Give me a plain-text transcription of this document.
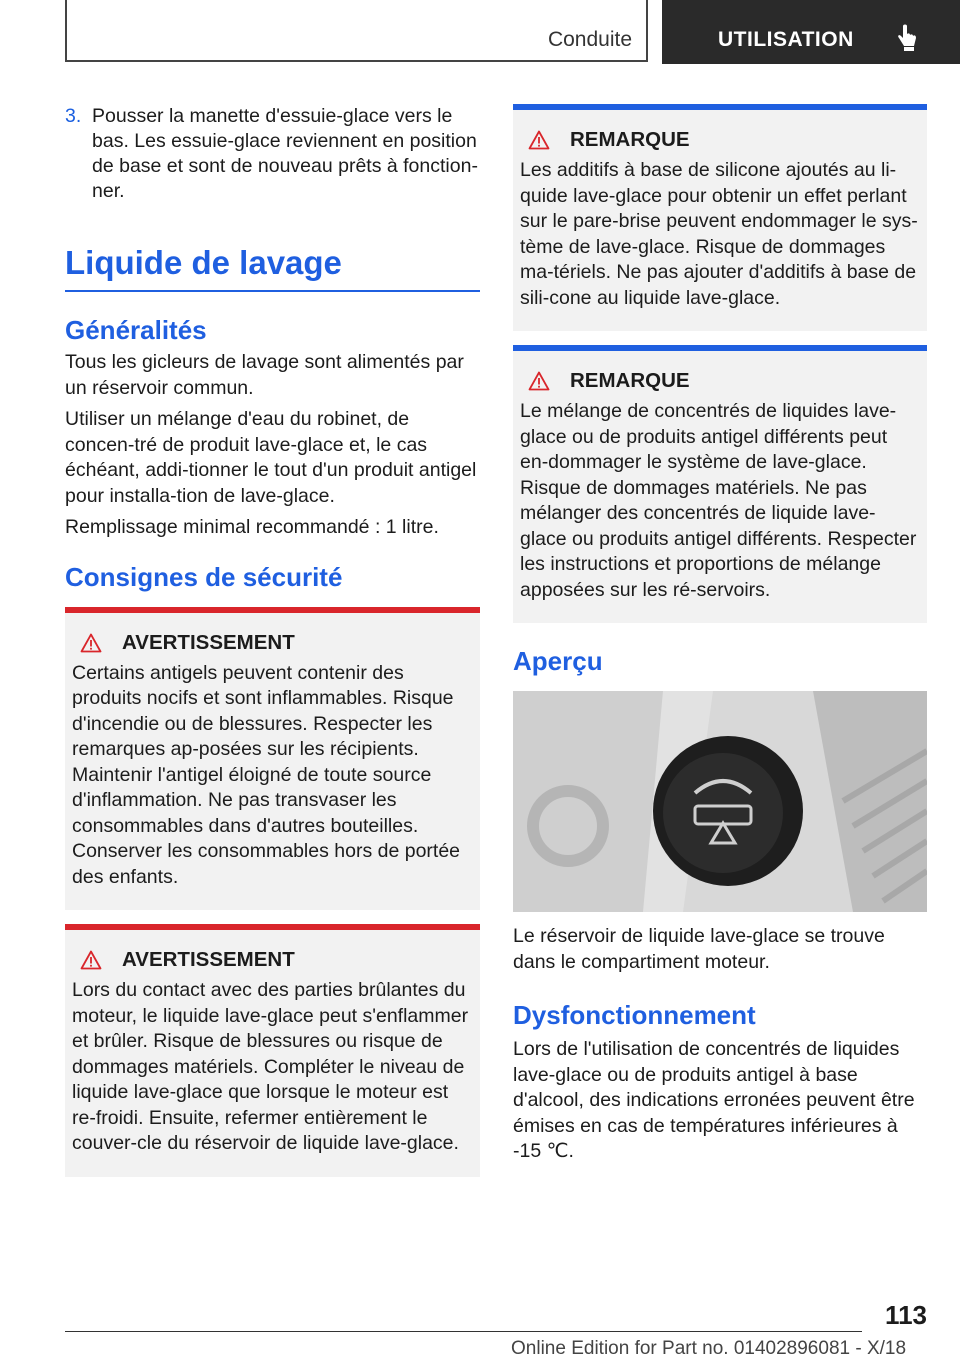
Conduite	UTILISATION
3. Pousser la manette d'essuie-glace vers le bas. Les essuie-glace reviennent en position de base et sont de nouveau prêts à fonction-ner.
Liquide de lavage
Généralités

Tous les gicleurs de lavage sont alimentés par un réservoir commun.

Utiliser un mélange d'eau du robinet, de concen-tré de produit lave-glace et, le cas échéant, addi-tionner le tout d'un produit antigel pour installa-tion de lave-glace.

Remplissage minimal recommandé : 1 litre.

Consignes de sécurité
AVERTISSEMENT

Certains antigels peuvent contenir des produits nocifs et sont inflammables. Risque d'incendie ou de blessures. Respecter les remarques ap-posées sur les récipients. Maintenir l'antigel éloigné de toute source d'inflammation. Ne pas transvaser les consommables dans d'autres bouteilles. Conserver les consommables hors de portée des enfants.

AVERTISSEMENT

Lors du contact avec des parties brûlantes du moteur, le liquide lave-glace peut s'enflammer et brûler. Risque de blessures ou risque de dommages matériels. Compléter le niveau de liquide lave-glace que lorsque le moteur est re-froidi. Ensuite, refermer entièrement le couver-cle du réservoir de liquide lave-glace.

REMARQUE

Les additifs à base de silicone ajoutés au li-quide lave-glace pour obtenir un effet perlant sur le pare-brise peuvent endommager le sys-tème de lave-glace. Risque de dommages ma-tériels. Ne pas ajouter d'additifs à base de sili-cone au liquide lave-glace.

REMARQUE

Le mélange de concentrés de liquides lave-glace ou de produits antigel différents peut en-dommager le système de lave-glace. Risque de dommages matériels. Ne pas mélanger des concentrés de liquide lave-glace ou produits antigel différents. Respecter les instructions et proportions de mélange apposées sur les ré-servoirs.

Aperçu

Le réservoir de liquide lave-glace se trouve dans le compartiment moteur.

Dysfonctionnement

Lors de l'utilisation de concentrés de liquides lave-glace ou de produits antigel à base d'alcool, des indications erronées peuvent être émises en cas de températures inférieures à -15 ℃.

113
Online Edition for Part no. 01402896081 - X/18
